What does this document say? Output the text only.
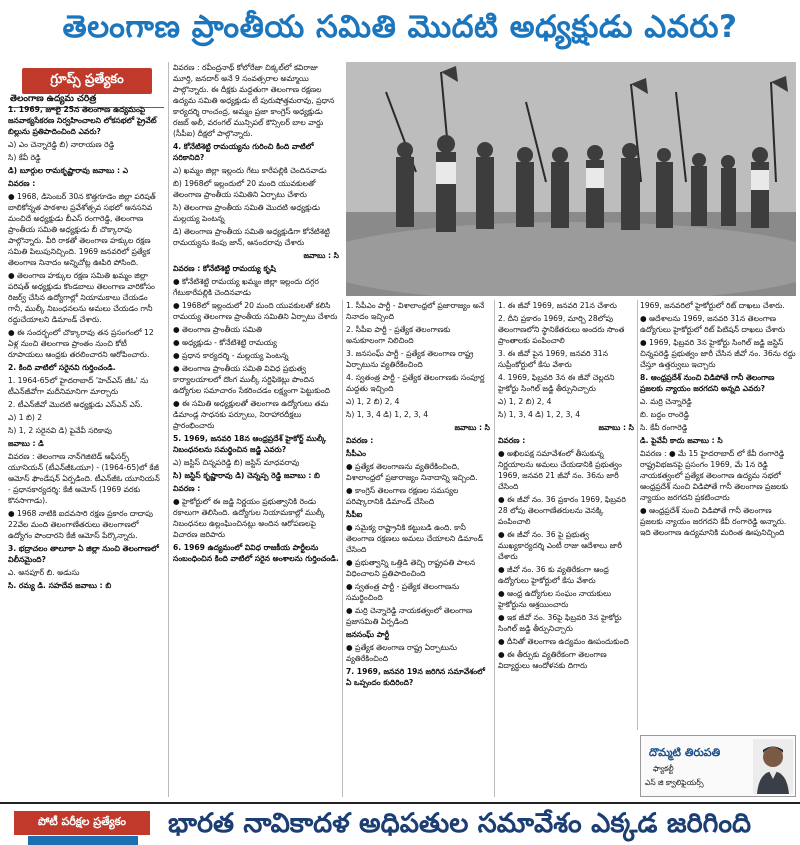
తెలంగాణ ప్రాంతీయ సమితి మొదటి అధ్యక్షుడు ఎవరు?
గ్రూప్స్ ప్రత్యేకం
తెలంగాణ ఉద్యమ చరిత్ర

1. 1969, జూలై 25న తెలంగాణ ఉద్యమంపై జనవాక్యసేకరణ నిర్వహించాలని లోకసభలో ప్రైవేట్ బిల్లును ప్రతిపాదించింది ఎవరు?

ఎ) ఎం చెన్నారెడ్డి బి) నారాయణ రెడ్డి

సి) కేవీ రెడ్డి

డి) బూర్గుల రామకృష్ణారావు జవాబు : ఎ

వివరణ :

● 1968, డిసెంబర్ 30న కొత్తగూడెం జిల్లా పరిషత్ బాలికోన్నత పాఠశాల ప్రవేశోత్సవ సభలో ఆనసనివ మంచిదే అధ్యక్షుడు బీఎస్‌ రంగారెడ్డి, తెలంగాణ ప్రాంతీయ సమితి అధ్యక్షుడు బీ చొక్కారావు పాల్గొన్నారు. వీరి రాకతో తెలంగాణ హక్కుల రక్షణ సమితి పిలుపునిచ్చింది. 1969 జనవరిలో ప్రత్యేక తెలంగాణ నినాదం అన్నిచోట్ల ఊపిరి పోసింది.

● తెలంగాణ హక్కుల రక్షణ సమితి ఖమ్మం జిల్లా పరిషత్‌ అధ్యక్షుడు కొండబాలు తెలంగాణ వారికోసం రిజర్వ్‌ చేసిన ఉద్యోగాల్లో నియామకాలు చేయడం గానీ, ముల్కీ నిబంధనలను అమలు చేయడం గానీ రద్దుచేయాలని డిమాండ్‌ చేశారు.

● ఈ సందర్భంలో చొక్కారావు తన ప్రసంగంలో 12 ఏళ్ల నుంచి తెలంగాణ ప్రాంతం నుంచి కోటీ రూపాయలు ఆంధ్రకు తరలించారని ఆరోపించారు.

2. కింది వాటిలో సరైనవి గుర్తించండి.

1. 1964-65లో హైదరాబాద్ 'హెచ్ఎస్‌ జీఓ' ను టీఎన్‌జీవోగా మదీనిమానిగా మార్చారు

2. టీఎన్‌జీవో మొదటి అధ్యక్షుడు ఎస్‌ఎన్ ఎస్.

ఎ) 1 బి) 2

సి) 1, 2 సరైనవి డి) పైవేవీ సరికావు

జవాబు : డి

వివరణ : తెలంగాణ నాన్‌గెజిటెడ్‌ ఆఫీసర్స్‌ యూనియన్ (టీఎన్‌జీఓయూ) - (1964-65)లో కేజీ ఆమోస్‌ ఫౌండేషన్‌ ఏర్పడింది. టీఎన్‌జీఓ యూనియన్ - ప్రధానకార్యదర్శి: కేజీ ఆమోస్‌ (1969 వరకు కొనసాగాడు).

● 1968 నాటికి ఐదవసారి రక్షణ ప్రకారం దాదాపు 22వేల మంది తెలంగాణేతరులు తెలంగాణలో ఉద్యోగం పొందారని కేజీ ఆమోస్‌ పేర్కొన్నారు.

3. భద్రాచలం తాలూకా ఏ జిల్లా నుంచి తెలంగాణలో విలీనమైంది?

ఎ. అనపూర్ బి. అడుసు

సి. రమ్య డి. సహదేవ జవాబు : బి

వివరణ : రవీంద్రనాథ్ కోలోరేజా చిక్కల్‌లో కవిరాజు మూర్తి, జనదార్ అనే 9 సంవత్సరాల అమ్మాయి పాల్గొన్నారు. ఈ దీక్షకు మద్దతుగా తెలంగాణ రక్షణల ఉద్యమ సమితి అధ్యక్షుడు టీ పురుషోత్తమరావు, ప్రధాన కార్యదర్శి రాంచంద్ర, అమ్మం ప్రజా కాంగ్రెస్ అధ్యక్షుడు రజబ్ అలీ, వరంగల్ మున్సిపల్ కౌన్సిలర్ బాల వార్డు (సీపీఐ) దీక్షలో పాల్గొన్నారు.

4. కోనేటిశెట్టి రామయ్యను గురించి కింది వాటిలో సరికానిది?

ఎ) ఖమ్మం జిల్లా ఇల్లందు గేటు కారేపల్లికి చెందినవాడు

బి) 1968లో ఇల్లందులో 20 మంది యువకులతో తెలంగాణ ప్రాంతీయ సమితిని ఏర్పాటు చేశారు

సి) తెలంగాణ ప్రాంతీయ సమితి మొదటి అధ్యక్షుడు మల్లయ్య పెంటన్న

డి) తెలంగాణ ప్రాంతీయ సమితి అధ్యక్షుడిగా కోనేటిశెట్టి రామయ్యను కెంపు జాన్, ఆనందరావు చేశారు

జవాబు : సి

వివరణ : కోనేటిశెట్టి రామయ్య కృషి

● కోనేటిశెట్టి రామయ్య ఖమ్మం జిల్లా ఇల్లందు దగ్గర గేటుకారేపల్లికి చెందినవాడు

● 1968లో ఇల్లందులో 20 మంది యువకులతో కలిసి రామయ్య తెలంగాణ ప్రాంతీయ సమితిని ఏర్పాటు చేశారు

● తెలంగాణ ప్రాంతీయ సమితి

● అధ్యక్షుడు - కోనేటిశెట్టి రామయ్య

● ప్రధాన కార్యదర్శి - మల్లయ్య పెంటన్న

● తెలంగాణ ప్రాంతీయ సమితి వివిధ ప్రభుత్వ కార్యాలయాలలో దొంగ ముల్కీ సర్టిఫికెట్లు పొందిన ఉద్యోగుల సమాచారం సేకరించడం లక్ష్యంగా పెట్టుకుంది

● ఈ సమితి అధ్యక్షులతో తెలంగాణ ఉద్యోగులు తమ డిమాండ్ల సాధనకు పర్చూలు, నిరాహారదీక్షలు ప్రారంభించారు

5. 1969, జనవరి 18న ఆంధ్రప్రదేశ్ హైకోర్ట్ ముల్కీ నిబంధనలను సమర్థించిన జడ్జి ఎవరు?

ఎ) జస్టిస్ చిన్నపరెడ్డి బి) జస్టిస్ మాధవరావు

సి) జస్టిస్ కృష్ణారావు డి) చెన్నప్ప రెడ్డి జవాబు : బి

వివరణ :

● హైకోర్టులో ఈ జడ్జి నిర్ణయం ప్రభుత్వానికి రెండు రకాలుగా తెలిసింది. ఉద్యోగుల నియామకాల్లో ముల్కీ నిబంధనలు ఉల్లంఘించినట్లు అందిన ఆరోపణలపై విచారణ జరిపారు

6. 1969 ఉద్యమంలో వివిధ రాజకీయ పార్టీలను సంబంధించిన కింది వాటిలో సరైన అంశాలను గుర్తించండి.

1. సీపీఎం పార్టీ - విశాలాంధ్రలో ప్రజారాజ్యం అనే నినాదం ఇచ్చింది

2. సీపీఐ పార్టీ - ప్రత్యేక తెలంగాణకు అనుకూలంగా నిలిచింది

3. జనసంఘ్ పార్టీ - ప్రత్యేక తెలంగాణ రాష్ట్ర ఏర్పాటును వ్యతిరేకించింది

4. స్వతంత్ర పార్టీ - ప్రత్యేక తెలంగాణకు సంపూర్ణ మద్దతు ఇచ్చింది

ఎ) 1, 2 బి) 2, 4

సి) 1, 3, 4 డి) 1, 2, 3, 4

జవాబు : సి

వివరణ :

సీపీఎం

● ప్రత్యేక తెలంగాణను వ్యతిరేకించింది, విశాలాంధ్రలో ప్రజారాజ్యం నినాదాన్ని ఇచ్చింది.

● కాంగ్రెస్ తెలంగాణ రక్షణల సమస్యల పరిష్కారానికి డిమాండ్ చేసింది

సీపీఐ

● సమైక్య రాష్ట్రానికి కట్టుబడి ఉంది. కానీ తెలంగాణ రక్షణలు అమలు చేయాలని డిమాండ్ చేసింది

● ప్రభుత్వాన్ని ఒత్తిడి తెచ్చి రాష్ట్రపతి పాలన విధించాలని ప్రతిపాదించింది

● స్వతంత్ర పార్టీ - ప్రత్యేక తెలంగాణను సమర్థించింది

● మర్రి చెన్నారెడ్డి నాయకత్వంలో తెలంగాణ ప్రజాసమితి ఏర్పడింది

జనసంఘ్ పార్టీ

● ప్రత్యేక తెలంగాణ రాష్ట్ర ఏర్పాటును వ్యతిరేకించింది

7. 1969, జనవరి 19న జరిగిన సమావేశంలో ఏ ఒప్పందం కుదిరింది?

1. ఈ జీవో 1969, జనవరి 21న చేశారు

2. దీని ప్రకారం 1969, మార్చి 28లోపు తెలంగాణలోని స్థానికేతరులు అందరు సొంత ప్రాంతాలకు పంపించాలి

3. ఈ జీవో పైన 1969, జనవరి 31న సుప్రీంకోర్టులో కేసు వేశారు

4. 1969, ఫిబ్రవరి 3న ఈ జీవో చెల్లదని హైకోర్టు సింగిల్ జడ్జి తీర్పునిచ్చారు

ఎ) 1, 2 బి) 2, 4

సి) 1, 3, 4 డి) 1, 2, 3, 4

జవాబు : సి

వివరణ :

● అఖిలపక్ష సమావేశంలో తీసుకున్న నిర్ణయాలను అమలు చేయడానికి ప్రభుత్వం 1969, జనవరి 21 జీవో నం. 36ను జారీ చేసింది

● ఈ జీవో నం. 36 ప్రకారం 1969, ఫిబ్రవరి 28 లోపు తెలంగాణేతరులను వెనక్కి పంపించాలి

● ఈ జీవో నం. 36 పై ప్రభుత్వ ముఖ్యకార్యదర్శి ఎంటీ రాజు ఆదేశాలు జారీ చేశారు

● జీవో నం. 36 కు వ్యతిరేకంగా ఆంధ్ర ఉద్యోగులు హైకోర్టులో కేసు వేశారు

● ఆంధ్ర ఉద్యోగుల సంఘం నాయకులు హైకోర్టును ఆశ్రయించారు

● ఇక జీవో నం. 36పై ఫిబ్రవరి 3న హైకోర్టు సింగిల్ జడ్జి తీర్పునిచ్చారు

● దీనితో తెలంగాణ ఉద్యమం ఊపందుకుంది

● ఈ తీర్పుకు వ్యతిరేకంగా తెలంగాణ విద్యార్థులు ఆందోళనకు దిగారు

1969, జనవరిలో హైకోర్టులో రిట్ దాఖలు చేశారు.

● ఆదేశాలను 1969, జనవరి 31న తెలంగాణ ఉద్యోగులు హైకోర్టులో రిట్ పిటిషన్ దాఖలు చేశారు

● 1969, ఫిబ్రవరి 3న హైకోర్టు సింగిల్ జడ్జి జస్టిస్ చిన్నపరెడ్డి ప్రభుత్వం జారీ చేసిన జీవో నం. 36ను రద్దు చేస్తూ ఉత్తర్వులు ఇచ్చారు

8. ఆంధ్రప్రదేశ్ నుంచి విడిపోతే గానీ తెలంగాణ ప్రజలకు న్యాయం జరగదని అన్నది ఎవరు?

ఎ. మర్రి చెన్నారెడ్డి

బి. బద్దం రాంరెడ్డి

సి. కేవీ రంగారెడ్డి

డి. పైవేవీ కాదు జవాబు : సి

వివరణ : ● మే 15 హైదరాబాద్ లో కేవీ రంగారెడ్డి రాష్ట్రవిభజనపై ప్రసంగం 1969, మే 1న రెడ్డి నాయకత్వంలో ప్రత్యేక తెలంగాణ ఉద్యమ సభలో ఆంధ్రప్రదేశ్ నుంచి విడిపోతే గానీ తెలంగాణ ప్రజలకు న్యాయం జరగదని ప్రకటించారు

● ఆంధ్రప్రదేశ్ నుంచి విడిపోతే గానీ తెలంగాణ ప్రజలకు న్యాయం జరగదని కేవీ రంగారెడ్డి అన్నారు. ఇది తెలంగాణ ఉద్యమానికి మరింత ఊపునిచ్చింది

దొమ్మటి తిరుపతి
ఫ్యాకల్టీ
ఎస్ జి క్వాలిఫైయర్స్
పోటీ పరీక్షల ప్రత్యేకం	భారత నావికాదళ అధిపతుల సమావేశం ఎక్కడ జరిగింది
